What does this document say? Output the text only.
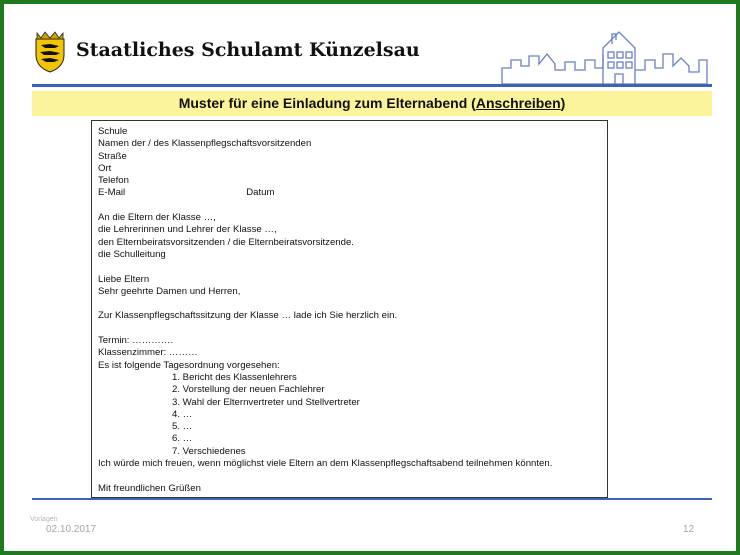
Staatliches Schulamt Künzelsau
Muster für eine Einladung zum Elternabend (Anschreiben)
Schule
Namen der / des Klassenpflegschaftsvorsitzenden
Straße
Ort
Telefon
E-Mail	Datum
An die Eltern der Klasse …,
die Lehrerinnen und Lehrer der Klasse …,
den Elternbeiratsvorsitzenden / die Elternbeiratsvorsitzende.
die Schulleitung
Liebe Eltern
Sehr geehrte Damen und Herren,
Zur Klassenpflegschaftssitzung der Klasse … lade ich Sie herzlich ein.
Termin: ………….
Klassenzimmer: ………
Es ist folgende Tagesordnung vorgesehen:
1. Bericht des Klassenlehrers
2. Vorstellung der neuen Fachlehrer
3. Wahl der Elternvertreter und Stellvertreter
4. …
5. …
6. …
7. Verschiedenes
Ich würde mich freuen, wenn möglichst viele Eltern an dem Klassenpflegschaftsabend teilnehmen könnten.
Mit freundlichen Grüßen
Vorlagen
02.10.2017	12
